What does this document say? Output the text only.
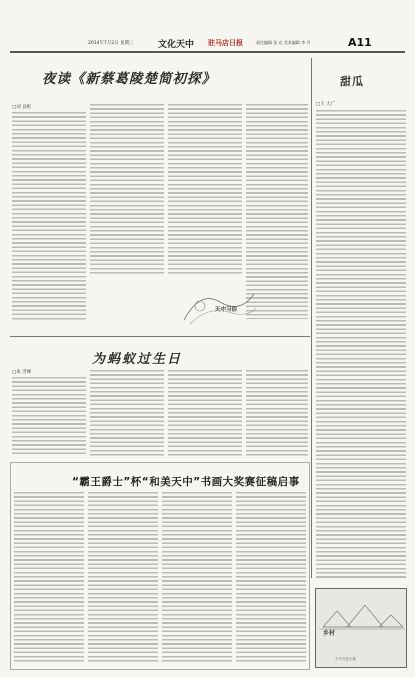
2014年7月2日 星期三	文化天中 驻马店日报	责任编辑 张 京 美术编辑 李 丹	A11
夜读《新蔡葛陵楚简初探》
□刘 良枢
甜瓜
□王 大广
天中习俗
为蚂蚁过生日
□朱 雪峰
“霸王爵士”杯“和美天中”书画大奖赛征稿启事
乡村
天中文艺小展
